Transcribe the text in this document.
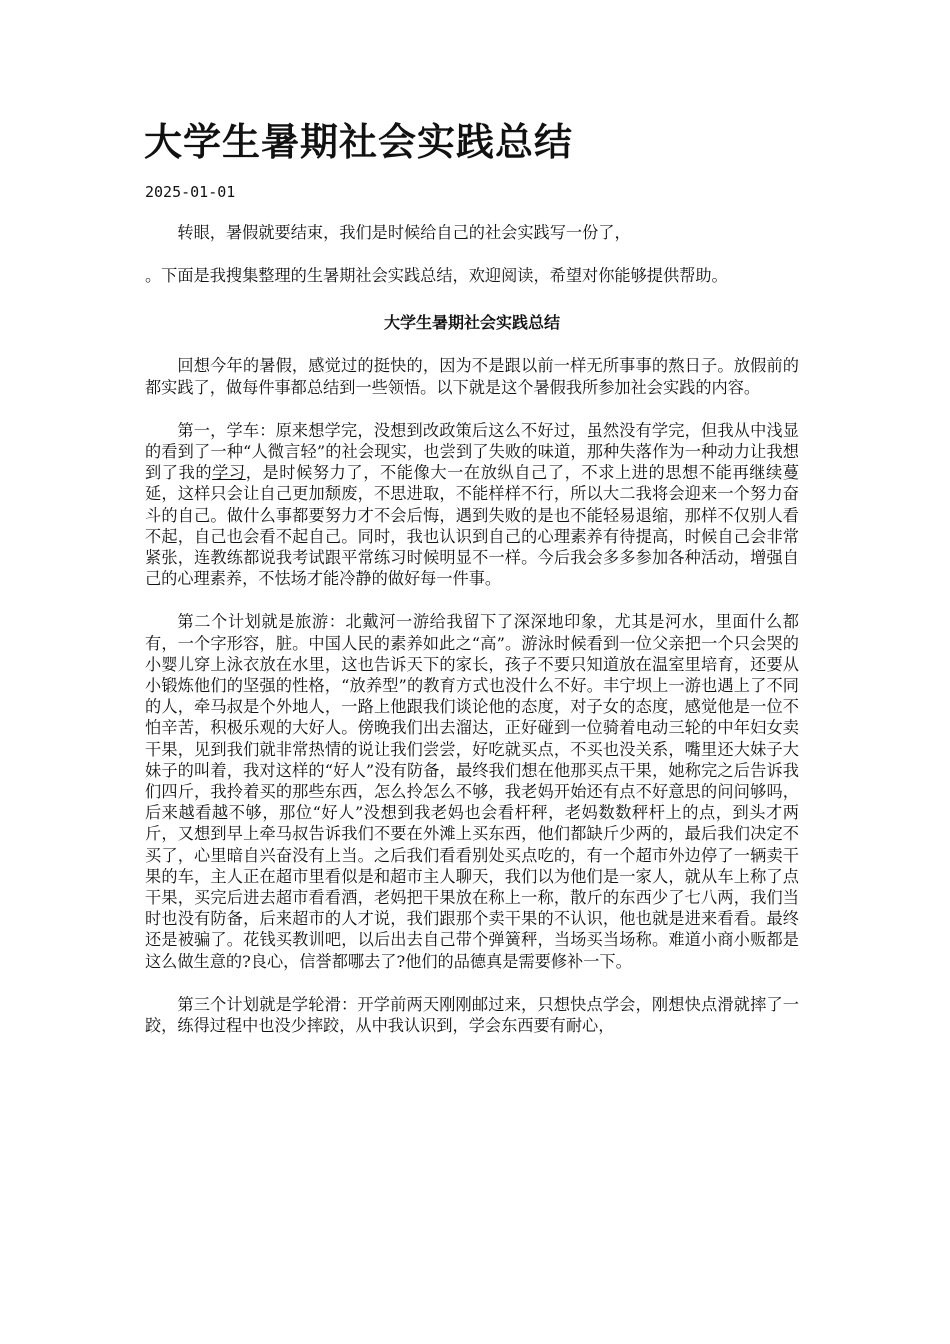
大学生暑期社会实践总结
2025-01-01

转眼，暑假就要结束，我们是时候给自己的社会实践写一份了，

。下面是我搜集整理的生暑期社会实践总结，欢迎阅读，希望对你能够提供帮助。

大学生暑期社会实践总结

回想今年的暑假，感觉过的挺快的，因为不是跟以前一样无所事事的熬日子。放假前的都实践了，做每件事都总结到一些领悟。以下就是这个暑假我所参加社会实践的内容。

第一，学车：原来想学完，没想到改政策后这么不好过，虽然没有学完，但我从中浅显的看到了一种“人微言轻”的社会现实，也尝到了失败的味道，那种失落作为一种动力让我想到了我的学习，是时候努力了，不能像大一在放纵自己了，不求上进的思想不能再继续蔓延，这样只会让自己更加颓废，不思进取，不能样样不行，所以大二我将会迎来一个努力奋斗的自己。做什么事都要努力才不会后悔，遇到失败的是也不能轻易退缩，那样不仅别人看不起，自己也会看不起自己。同时，我也认识到自己的心理素养有待提高，时候自己会非常紧张，连教练都说我考试跟平常练习时候明显不一样。今后我会多多参加各种活动，增强自己的心理素养，不怯场才能冷静的做好每一件事。

第二个计划就是旅游：北戴河一游给我留下了深深地印象，尤其是河水，里面什么都有，一个字形容，脏。中国人民的素养如此之“高”。游泳时候看到一位父亲把一个只会哭的小婴儿穿上泳衣放在水里，这也告诉天下的家长，孩子不要只知道放在温室里培育，还要从小锻炼他们的坚强的性格，“放养型”的教育方式也没什么不好。丰宁坝上一游也遇上了不同的人，牵马叔是个外地人，一路上他跟我们谈论他的态度，对子女的态度，感觉他是一位不怕辛苦，积极乐观的大好人。傍晚我们出去溜达，正好碰到一位骑着电动三轮的中年妇女卖干果，见到我们就非常热情的说让我们尝尝，好吃就买点，不买也没关系，嘴里还大妹子大妹子的叫着，我对这样的“好人”没有防备，最终我们想在他那买点干果，她称完之后告诉我们四斤，我拎着买的那些东西，怎么拎怎么不够，我老妈开始还有点不好意思的问问够吗，后来越看越不够，那位“好人”没想到我老妈也会看杆秤，老妈数数秤杆上的点，到头才两斤，又想到早上牵马叔告诉我们不要在外滩上买东西，他们都缺斤少两的，最后我们决定不买了，心里暗自兴奋没有上当。之后我们看看别处买点吃的，有一个超市外边停了一辆卖干果的车，主人正在超市里看似是和超市主人聊天，我们以为他们是一家人，就从车上称了点干果，买完后进去超市看看酒，老妈把干果放在称上一称，散斤的东西少了七八两，我们当时也没有防备，后来超市的人才说，我们跟那个卖干果的不认识，他也就是进来看看。最终还是被骗了。花钱买教训吧，以后出去自己带个弹簧秤，当场买当场称。难道小商小贩都是这么做生意的?良心，信誉都哪去了?他们的品德真是需要修补一下。

第三个计划就是学轮滑：开学前两天刚刚邮过来，只想快点学会，刚想快点滑就摔了一跤，练得过程中也没少摔跤，从中我认识到，学会东西要有耐心，
